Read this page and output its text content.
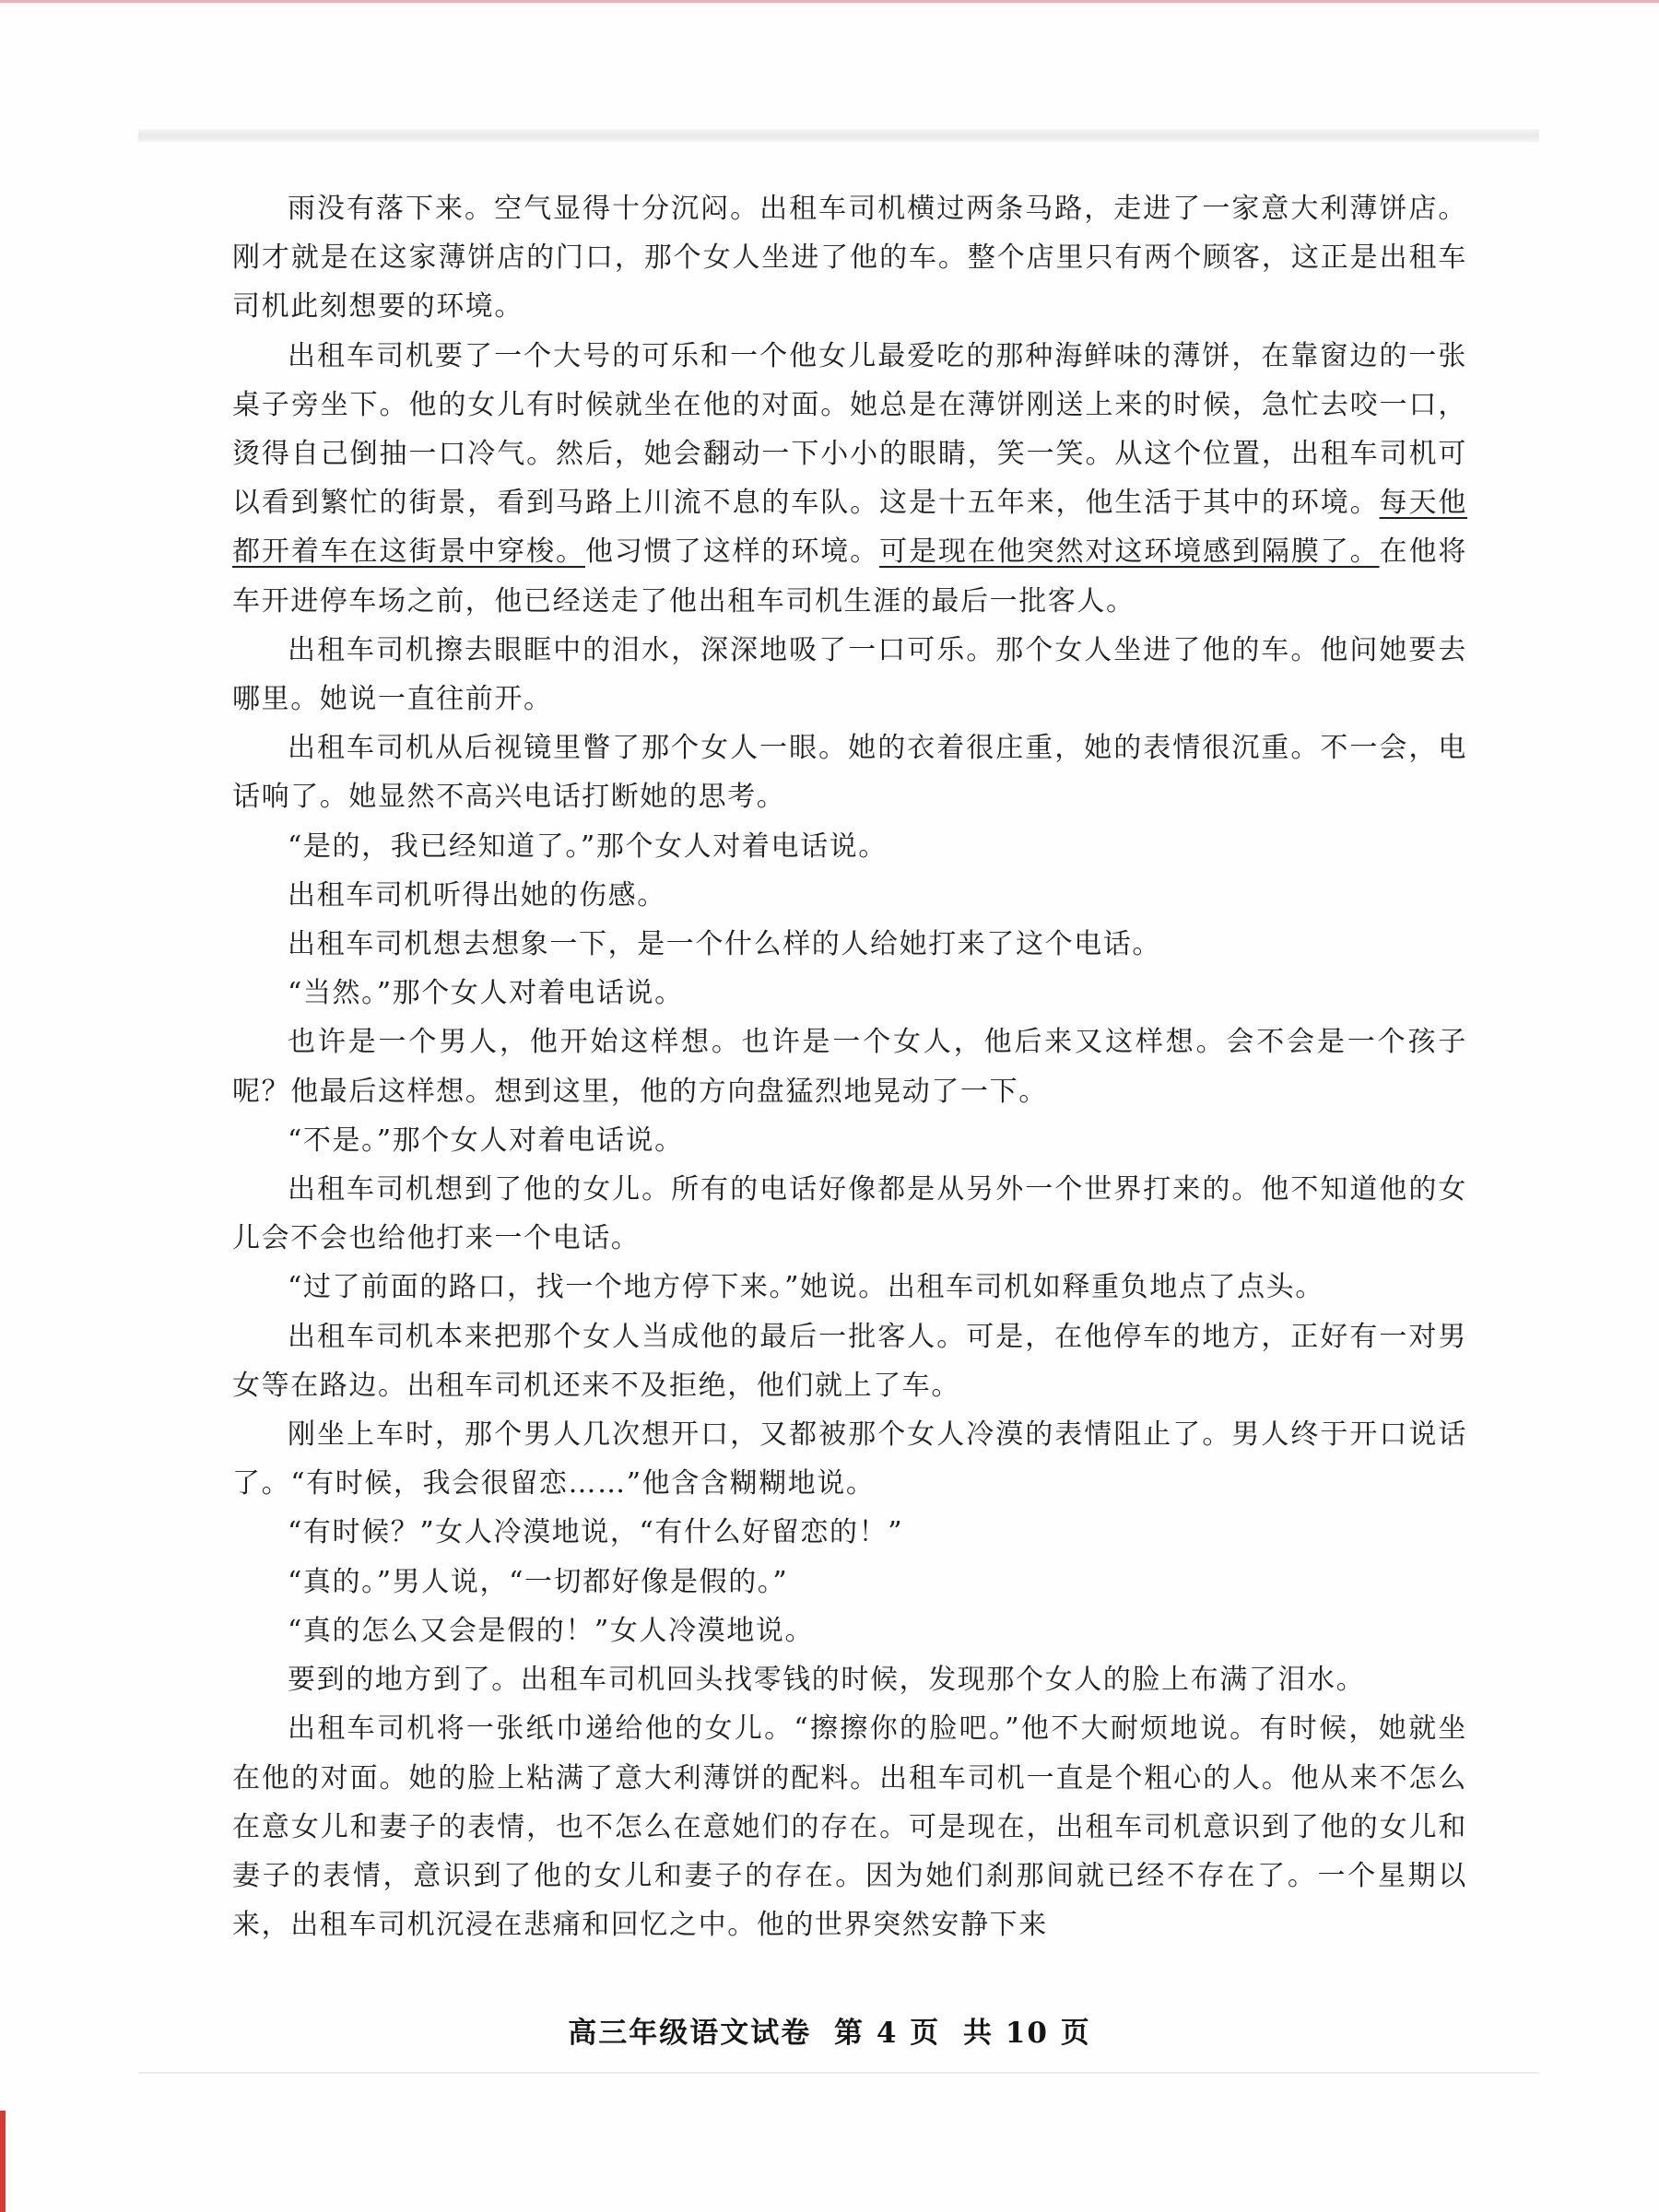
雨没有落下来。空气显得十分沉闷。出租车司机横过两条马路，走进了一家意大利薄饼店。刚才就是在这家薄饼店的门口，那个女人坐进了他的车。整个店里只有两个顾客，这正是出租车司机此刻想要的环境。

出租车司机要了一个大号的可乐和一个他女儿最爱吃的那种海鲜味的薄饼，在靠窗边的一张桌子旁坐下。他的女儿有时候就坐在他的对面。她总是在薄饼刚送上来的时候，急忙去咬一口，烫得自己倒抽一口冷气。然后，她会翻动一下小小的眼睛，笑一笑。从这个位置，出租车司机可以看到繁忙的街景，看到马路上川流不息的车队。这是十五年来，他生活于其中的环境。每天他都开着车在这街景中穿梭。他习惯了这样的环境。可是现在他突然对这环境感到隔膜了。在他将车开进停车场之前，他已经送走了他出租车司机生涯的最后一批客人。

出租车司机擦去眼眶中的泪水，深深地吸了一口可乐。那个女人坐进了他的车。他问她要去哪里。她说一直往前开。

出租车司机从后视镜里瞥了那个女人一眼。她的衣着很庄重，她的表情很沉重。不一会，电话响了。她显然不高兴电话打断她的思考。

“是的，我已经知道了。”那个女人对着电话说。

出租车司机听得出她的伤感。

出租车司机想去想象一下，是一个什么样的人给她打来了这个电话。

“当然。”那个女人对着电话说。

也许是一个男人，他开始这样想。也许是一个女人，他后来又这样想。会不会是一个孩子呢？他最后这样想。想到这里，他的方向盘猛烈地晃动了一下。

“不是。”那个女人对着电话说。

出租车司机想到了他的女儿。所有的电话好像都是从另外一个世界打来的。他不知道他的女儿会不会也给他打来一个电话。

“过了前面的路口，找一个地方停下来。”她说。出租车司机如释重负地点了点头。

出租车司机本来把那个女人当成他的最后一批客人。可是，在他停车的地方，正好有一对男女等在路边。出租车司机还来不及拒绝，他们就上了车。

刚坐上车时，那个男人几次想开口，又都被那个女人冷漠的表情阻止了。男人终于开口说话了。“有时候，我会很留恋……”他含含糊糊地说。

“有时候？”女人冷漠地说，“有什么好留恋的！”

“真的。”男人说，“一切都好像是假的。”

“真的怎么又会是假的！”女人冷漠地说。

要到的地方到了。出租车司机回头找零钱的时候，发现那个女人的脸上布满了泪水。

出租车司机将一张纸巾递给他的女儿。“擦擦你的脸吧。”他不大耐烦地说。有时候，她就坐在他的对面。她的脸上粘满了意大利薄饼的配料。出租车司机一直是个粗心的人。他从来不怎么在意女儿和妻子的表情，也不怎么在意她们的存在。可是现在，出租车司机意识到了他的女儿和妻子的表情，意识到了他的女儿和妻子的存在。因为她们刹那间就已经不存在了。一个星期以来，出租车司机沉浸在悲痛和回忆之中。他的世界突然安静下来

高三年级语文试卷 第 4 页 共 10 页
